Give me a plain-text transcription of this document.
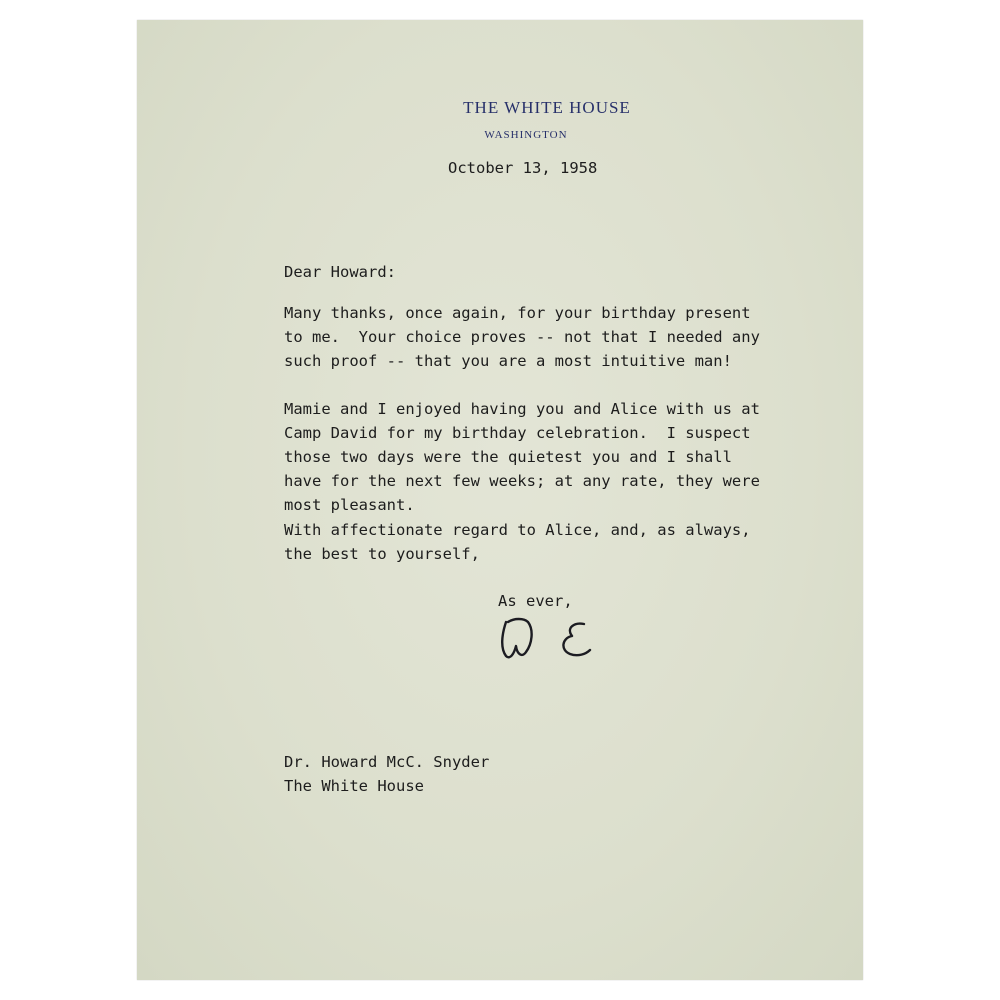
THE WHITE HOUSE
WASHINGTON
October 13, 1958
Dear Howard:
Many thanks, once again, for your birthday present
to me.  Your choice proves -- not that I needed any
such proof -- that you are a most intuitive man!
Mamie and I enjoyed having you and Alice with us at
Camp David for my birthday celebration.  I suspect
those two days were the quietest you and I shall
have for the next few weeks; at any rate, they were
most pleasant.
With affectionate regard to Alice, and, as always,
the best to yourself,
As ever,
Dr. Howard McC. Snyder
The White House
